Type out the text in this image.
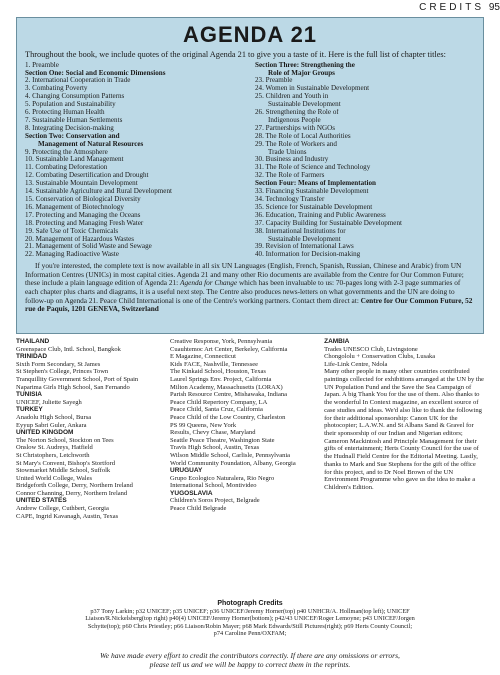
CREDITS 95
AGENDA 21

Throughout the book, we include quotes of the original Agenda 21 to give you a taste of it. Here is the full list of chapter titles:

1. Preamble
Section One: Social and Economic Dimensions
2. International Cooperation in Trade
3. Combating Poverty
4. Changing Consumption Patterns
5. Population and Sustainability
6. Protecting Human Health
7. Sustainable Human Settlements
8. Integrating Decision-making
Section Two: Conservation and
Management of Natural Resources
9. Protecting the Atmosphere
10. Sustainable Land Management
11. Combating Deforestation
12. Combating Desertification and Drought
13. Sustainable Mountain Development
14. Sustainable Agriculture and Rural Development
15. Conservation of Biological Diversity
16. Management of Biotechnology
17. Protecting and Managing the Oceans
18. Protecting and Managing Fresh Water
19. Safe Use of Toxic Chemicals
20. Management of Hazardous Wastes
21. Management of Solid Waste and Sewage
22. Managing Radioactive Waste
Section Three: Strengthening the
Role of Major Groups
23. Preamble
24. Women in Sustainable Development
25. Children and Youth in
Sustainable Development
26. Strengthening the Role of
Indigenous People
27. Partnerships with NGOs
28. The Role of Local Authorities
29. The Role of Workers and
Trade Unions
30. Business and Industry
31. The Role of Science and Technology
32. The Role of Farmers
Section Four: Means of Implementation
33. Financing Sustainable Development
34. Technology Transfer
35. Science for Sustainable Development
36. Education, Training and Public Awareness
37. Capacity Building for Sustainable Development
38. International Institutions for
Sustainable Development
39. Revision of International Laws
40. Information for Decision-making

If you're interested, the complete text is now available in all six UN Languages (English, French, Spanish, Russian, Chinese and Arabic) from UN Information Centres (UNICs) in most capital cities. Agenda 21 and many other Rio documents are available from the Centre for Our Common Future; these include a plain language edition of Agenda 21: Agenda for Change which has been invaluable to us: 70-pages long with 2-3 page summaries of each chapter plus charts and diagrams, it is a useful next step. The Centre also produces news-letters on what governments and the UN are doing to follow-up on Agenda 21. Peace Child International is one of the Centre's working partners. Contact them direct at: Centre for Our Common Future, 52 rue de Paquis, 1201 GENEVA, Switzerland

THAILAND
Greenspace Club, Intl. School, Bangkok
TRINIDAD
Sixth Form Secondary, St James
St Stephen's College, Princes Town
Tranquillity Government School, Port of Spain
Naparima Girls High School, San Fernando
TUNISIA
UNICEF, Juliette Sayegh
TURKEY
Anadolu High School, Bursa
Eyyup Sabri Guler, Ankara
UNITED KINGDOM
The Norton School, Stockton on Tees
Onslow St. Audreys, Hatfield
St Christophers, Letchworth
St Mary's Convent, Bishop's Stortford
Stowmarket Middle School, Suffolk
United World College, Wales
Bridgeforth College, Derry, Northern Ireland
Connor Channing, Derry, Northern Ireland
UNITED STATES
Andrew College, Cuthbert, Georgia
CAPE, Ingrid Kavanagh, Austin, Texas
Creative Response, York, Pennsylvania
Cuauhtemoc Art Center, Berkeley, California
E Magazine, Connecticut
Kids FACE, Nashville, Tennessee
The Kinkaid School, Houston, Texas
Laurel Springs Env. Project, California
Milton Academy, Massachusetts (LORAX)
Parish Resource Centre, Mishawaka, Indiana
Peace Child Repertory Company, LA
Peace Child, Santa Cruz, California
Peace Child of the Low Country, Charleston
PS 99 Queens, New York
Results, Chevy Chase, Maryland
Seattle Peace Theatre, Washington State
Travis High School, Austin, Texas
Wilson Middle School, Carlisle, Pennsylvania
World Community Foundation, Albany, Georgia
URUGUAY
Grupo Ecologico Naturalera, Rio Negro
International School, Montivideo
YUGOSLAVIA
Children's Soros Project, Belgrade
Peace Child Belgrade
ZAMBIA
Trades UNESCO Club, Livingstone
Chongololu + Conservation Clubs, Lusaka
Life-Link Centre, Ndola

Many other people in many other countries contributed paintings collected for exhibitions arranged at the UN by the UN Population Fund and the Save the Sea Campaign of Japan. A big Thank You for the use of them. Also thanks to the wonderful In Context magazine, an excellent source of case studies and ideas. We'd also like to thank the following for their additional sponsorship: Canon UK for the photocopier; L.A.W.N. and St Albans Sand & Gravel for their sponsorship of our Indian and Nigerian editors; Cameron Mackintosh and Principle Management for their gifts of entertainment; Herts County Council for the use of the Hudnall Field Centre for the Editorial Meeting. Lastly, thanks to Mark and Sue Stephens for the gift of the office for this project, and to Dr Noel Brown of the UN Environment Programme who gave us the idea to make a Children's Edition.

Photograph Credits
p37 Tony Larkin; p32 UNICEF; p35 UNICEF; p36 UNICEF/Jeremy Horner(top) p40 UNHCR/A. Hollman(top left); UNICEF
Liaison/R.Nickelsberg(top right) p40(4) UNICEF/Jeremy Horner(bottom); p42/43 UNICEF/Roger Lemoyne; p43 UNICEF/Jorgen
Schytte(top); p60 Chris Priestley; p66 Liaison/Robin Mayer; p68 Mark Edwards/Still Pictures(right); p69 Herts County Council;
p74 Caroline Penn/OXFAM;
We have made every effort to credit the contributors correctly. If there are any omissions or errors,
please tell us and we will be happy to correct them in the reprints.
